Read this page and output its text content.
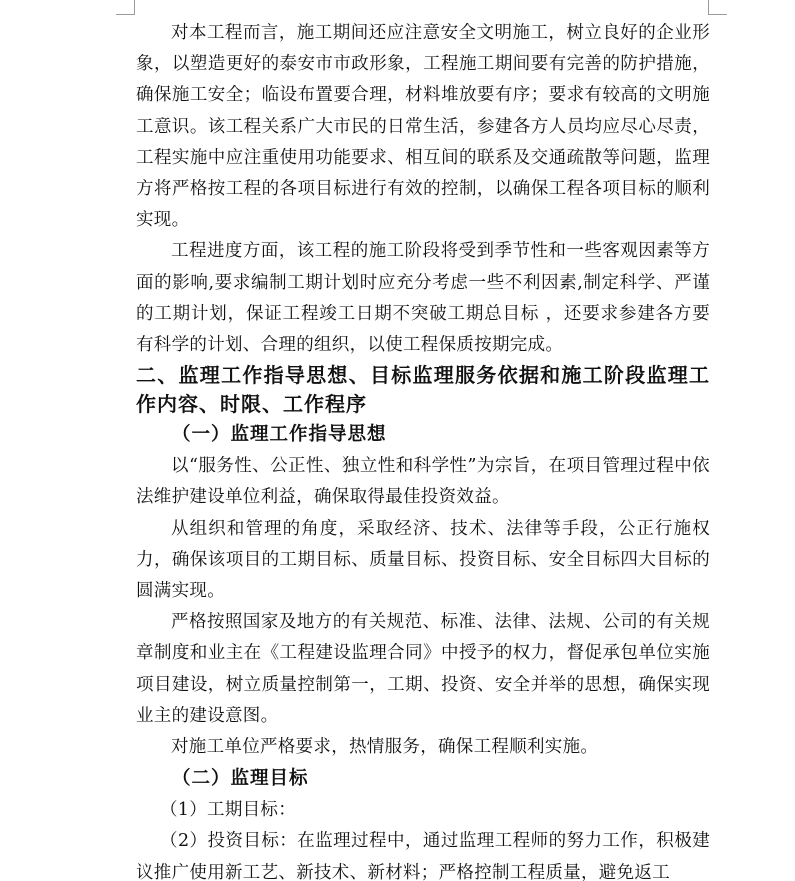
对本工程而言，施工期间还应注意安全文明施工，树立良好的企业形象，以塑造更好的泰安市市政形象，工程施工期间要有完善的防护措施，确保施工安全；临设布置要合理，材料堆放要有序；要求有较高的文明施工意识。该工程关系广大市民的日常生活，参建各方人员均应尽心尽责，工程实施中应注重使用功能要求、相互间的联系及交通疏散等问题，监理方将严格按工程的各项目标进行有效的控制，以确保工程各项目标的顺利实现。

工程进度方面，该工程的施工阶段将受到季节性和一些客观因素等方面的影响,要求编制工期计划时应充分考虑一些不利因素,制定科学、严谨的工期计划，保证工程竣工日期不突破工期总目标 ，还要求参建各方要有科学的计划、合理的组织，以使工程保质按期完成。

二、监理工作指导思想、目标监理服务依据和施工阶段监理工作内容、时限、工作程序
（一）监理工作指导思想

以“服务性、公正性、独立性和科学性”为宗旨，在项目管理过程中依法维护建设单位利益，确保取得最佳投资效益。

从组织和管理的角度，采取经济、技术、法律等手段，公正行施权力，确保该项目的工期目标、质量目标、投资目标、安全目标四大目标的圆满实现。

严格按照国家及地方的有关规范、标准、法律、法规、公司的有关规章制度和业主在《工程建设监理合同》中授予的权力，督促承包单位实施项目建设，树立质量控制第一，工期、投资、安全并举的思想，确保实现业主的建设意图。

对施工单位严格要求，热情服务，确保工程顺利实施。

（二）监理目标

（1）工期目标：

（2）投资目标：在监理过程中，通过监理工程师的努力工作，积极建议推广使用新工艺、新技术、新材料；严格控制工程质量，避免返工
